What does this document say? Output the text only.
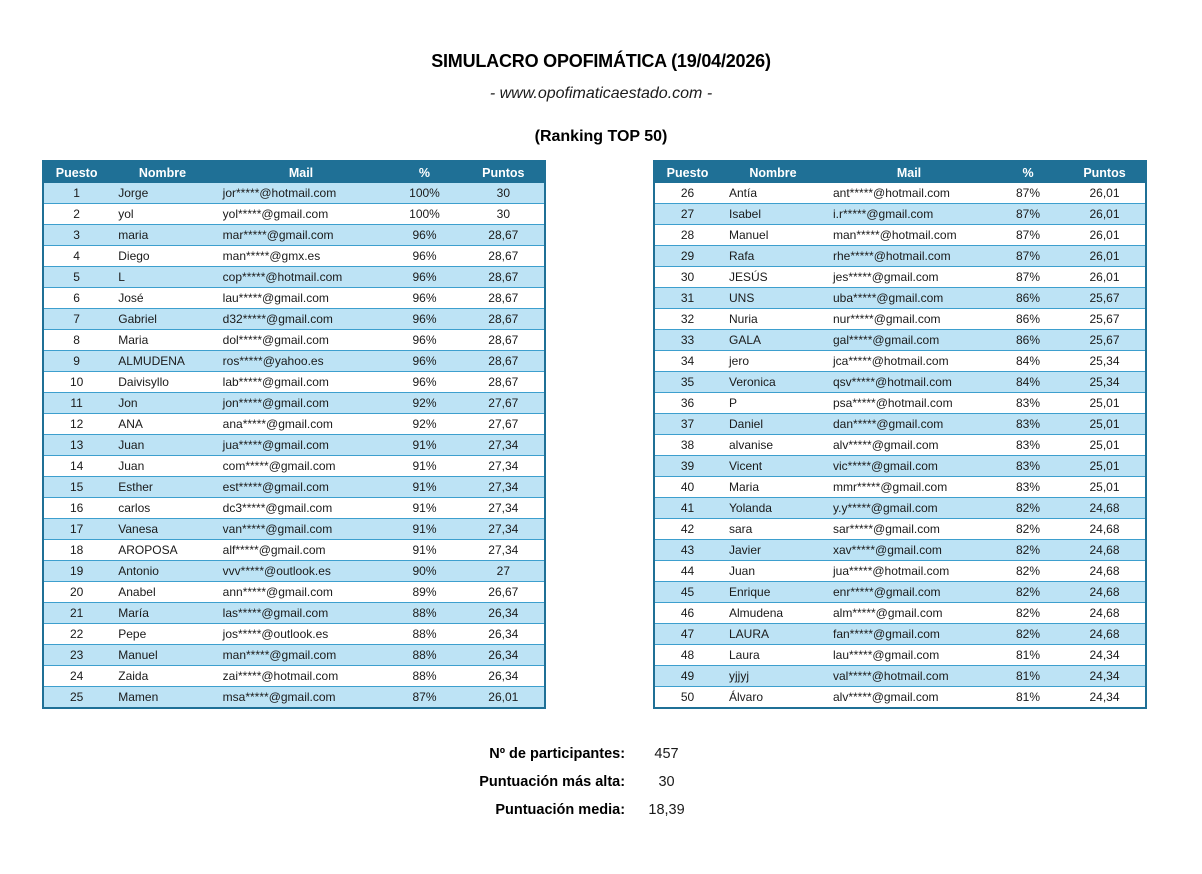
SIMULACRO OPOFIMÁTICA (19/04/2026)
- www.opofimaticaestado.com -
(Ranking TOP 50)
Puesto	Nombre	Mail	%	Puntos
1	Jorge	jor*****@hotmail.com	100%	30
2	yol	yol*****@gmail.com	100%	30
3	maria	mar*****@gmail.com	96%	28,67
4	Diego	man*****@gmx.es	96%	28,67
5	L	cop*****@hotmail.com	96%	28,67
6	José	lau*****@gmail.com	96%	28,67
7	Gabriel	d32*****@gmail.com	96%	28,67
8	Maria	dol*****@gmail.com	96%	28,67
9	ALMUDENA	ros*****@yahoo.es	96%	28,67
10	Daivisyllo	lab*****@gmail.com	96%	28,67
11	Jon	jon*****@gmail.com	92%	27,67
12	ANA	ana*****@gmail.com	92%	27,67
13	Juan	jua*****@gmail.com	91%	27,34
14	Juan	com*****@gmail.com	91%	27,34
15	Esther	est*****@gmail.com	91%	27,34
16	carlos	dc3*****@gmail.com	91%	27,34
17	Vanesa	van*****@gmail.com	91%	27,34
18	AROPOSA	alf*****@gmail.com	91%	27,34
19	Antonio	vvv*****@outlook.es	90%	27
20	Anabel	ann*****@gmail.com	89%	26,67
21	María	las*****@gmail.com	88%	26,34
22	Pepe	jos*****@outlook.es	88%	26,34
23	Manuel	man*****@gmail.com	88%	26,34
24	Zaida	zai*****@hotmail.com	88%	26,34
25	Mamen	msa*****@gmail.com	87%	26,01
Puesto	Nombre	Mail	%	Puntos
26	Antía	ant*****@hotmail.com	87%	26,01
27	Isabel	i.r*****@gmail.com	87%	26,01
28	Manuel	man*****@hotmail.com	87%	26,01
29	Rafa	rhe*****@hotmail.com	87%	26,01
30	JESÚS	jes*****@gmail.com	87%	26,01
31	UNS	uba*****@gmail.com	86%	25,67
32	Nuria	nur*****@gmail.com	86%	25,67
33	GALA	gal*****@gmail.com	86%	25,67
34	jero	jca*****@hotmail.com	84%	25,34
35	Veronica	qsv*****@hotmail.com	84%	25,34
36	P	psa*****@hotmail.com	83%	25,01
37	Daniel	dan*****@gmail.com	83%	25,01
38	alvanise	alv*****@gmail.com	83%	25,01
39	Vicent	vic*****@gmail.com	83%	25,01
40	Maria	mmr*****@gmail.com	83%	25,01
41	Yolanda	y.y*****@gmail.com	82%	24,68
42	sara	sar*****@gmail.com	82%	24,68
43	Javier	xav*****@gmail.com	82%	24,68
44	Juan	jua*****@hotmail.com	82%	24,68
45	Enrique	enr*****@gmail.com	82%	24,68
46	Almudena	alm*****@gmail.com	82%	24,68
47	LAURA	fan*****@gmail.com	82%	24,68
48	Laura	lau*****@gmail.com	81%	24,34
49	yjjyj	val*****@hotmail.com	81%	24,34
50	Álvaro	alv*****@gmail.com	81%	24,34
Nº de participantes:	457
Puntuación más alta:	30
Puntuación media:	18,39
